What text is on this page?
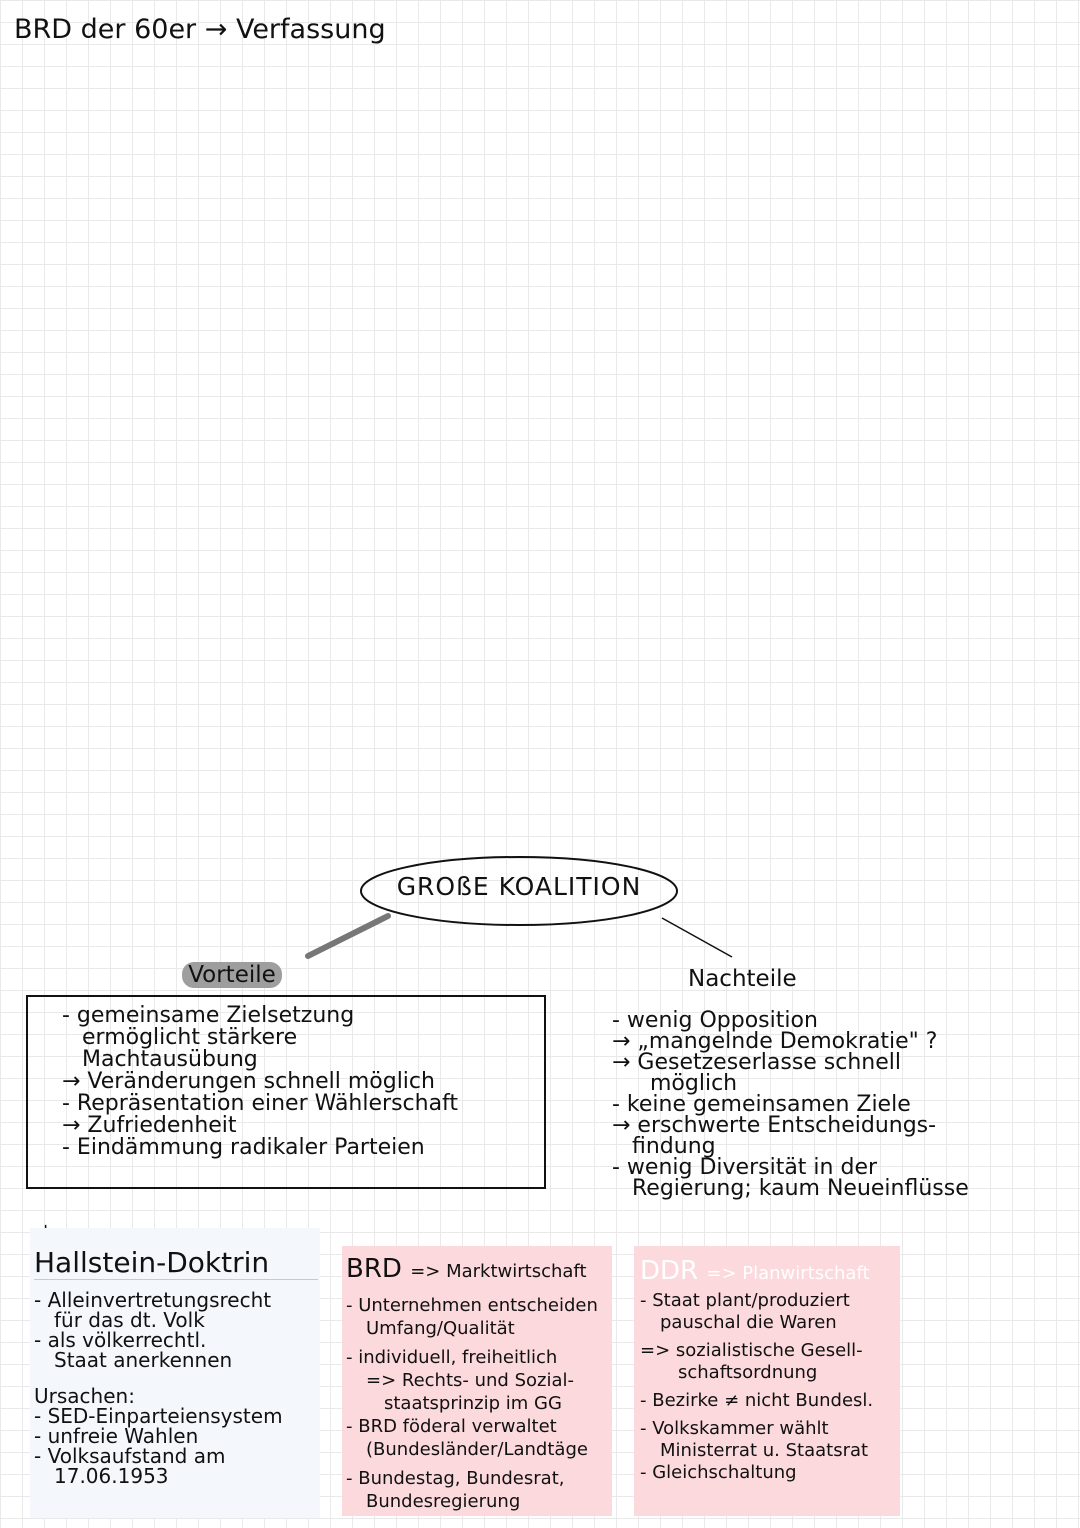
BRD der 60er → Verfassung
GROßE KOALITION
Vorteile	Nachteile
- gemeinsame Zielsetzung
ermöglicht stärkere
Machtausübung
→ Veränderungen schnell möglich
- Repräsentation einer Wählerschaft
→ Zufriedenheit
- Eindämmung radikaler Parteien
- wenig Opposition
→ „mangelnde Demokratie" ?
→ Gesetzeserlasse schnell
möglich
- keine gemeinsamen Ziele
→ erschwerte Entscheidungs-
findung
- wenig Diversität in der
Regierung; kaum Neueinflüsse
Hallstein-Doktrin
- Alleinvertretungsrecht
für das dt. Volk
- als völkerrechtl.
Staat anerkennen
Ursachen:
- SED-Einparteiensystem
- unfreie Wahlen
- Volksaufstand am
17.06.1953
BRD => Marktwirtschaft
- Unternehmen entscheiden
Umfang/Qualität
- individuell, freiheitlich
=> Rechts- und Sozial-
staatsprinzip im GG
- BRD föderal verwaltet
(Bundesländer/Landtäge
- Bundestag, Bundesrat,
Bundesregierung
DDR => Planwirtschaft
- Staat plant/produziert
pauschal die Waren
=> sozialistische Gesell-
schaftsordnung
- Bezirke ≠ nicht Bundesl.
- Volkskammer wählt
Ministerrat u. Staatsrat
- Gleichschaltung
